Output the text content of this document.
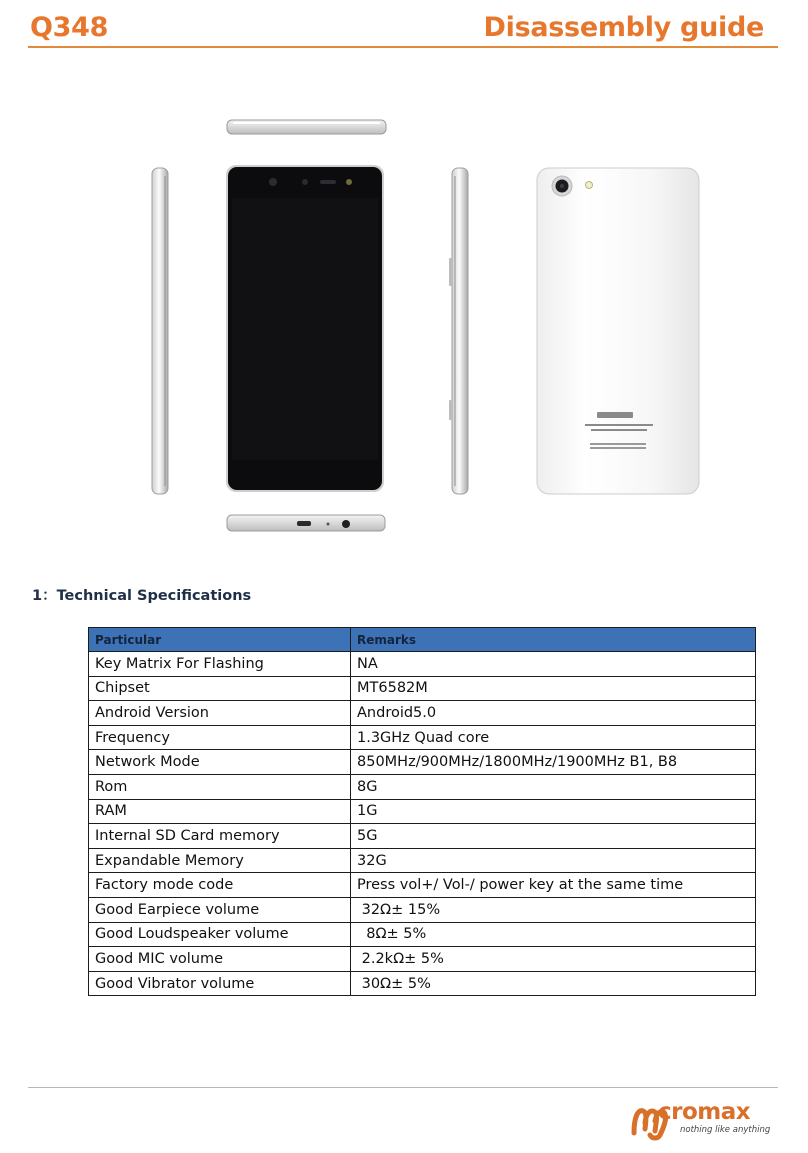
Q348	Disassembly guide
1：Technical Specifications
Particular	Remarks
Key Matrix For Flashing	NA
Chipset	MT6582M
Android Version	Android5.0
Frequency	1.3GHz Quad core
Network Mode	850MHz/900MHz/1800MHz/1900MHz B1, B8
Rom	8G
RAM	1G
Internal SD Card memory	5G
Expandable Memory	32G
Factory mode code	Press vol+/ Vol-/ power key at the same time
Good Earpiece volume	32Ω± 15%
Good Loudspeaker volume	8Ω± 5%
Good MIC volume	2.2kΩ± 5%
Good Vibrator volume	30Ω± 5%
cromax
nothing like anything
